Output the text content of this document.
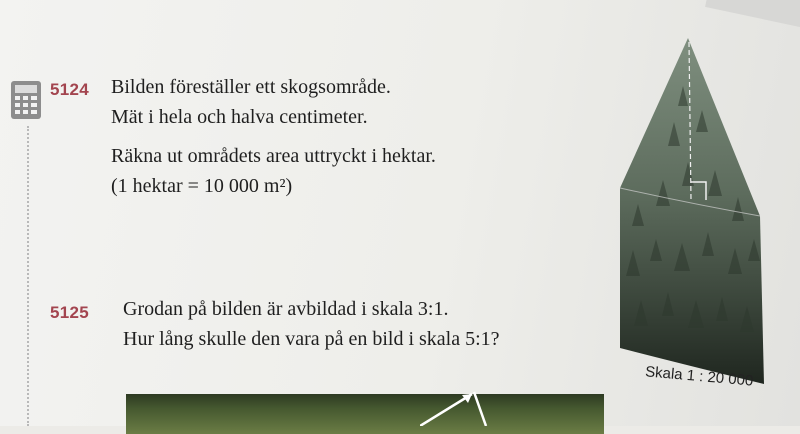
5124 Bilden föreställer ett skogsområde.
Mät i hela och halva centimeter.
Räkna ut områdets area uttryckt i hektar.
(1 hektar = 10 000 m²)
5125 Grodan på bilden är avbildad i skala 3:1.
Hur lång skulle den vara på en bild i skala 5:1?
Skala 1 : 20 000
